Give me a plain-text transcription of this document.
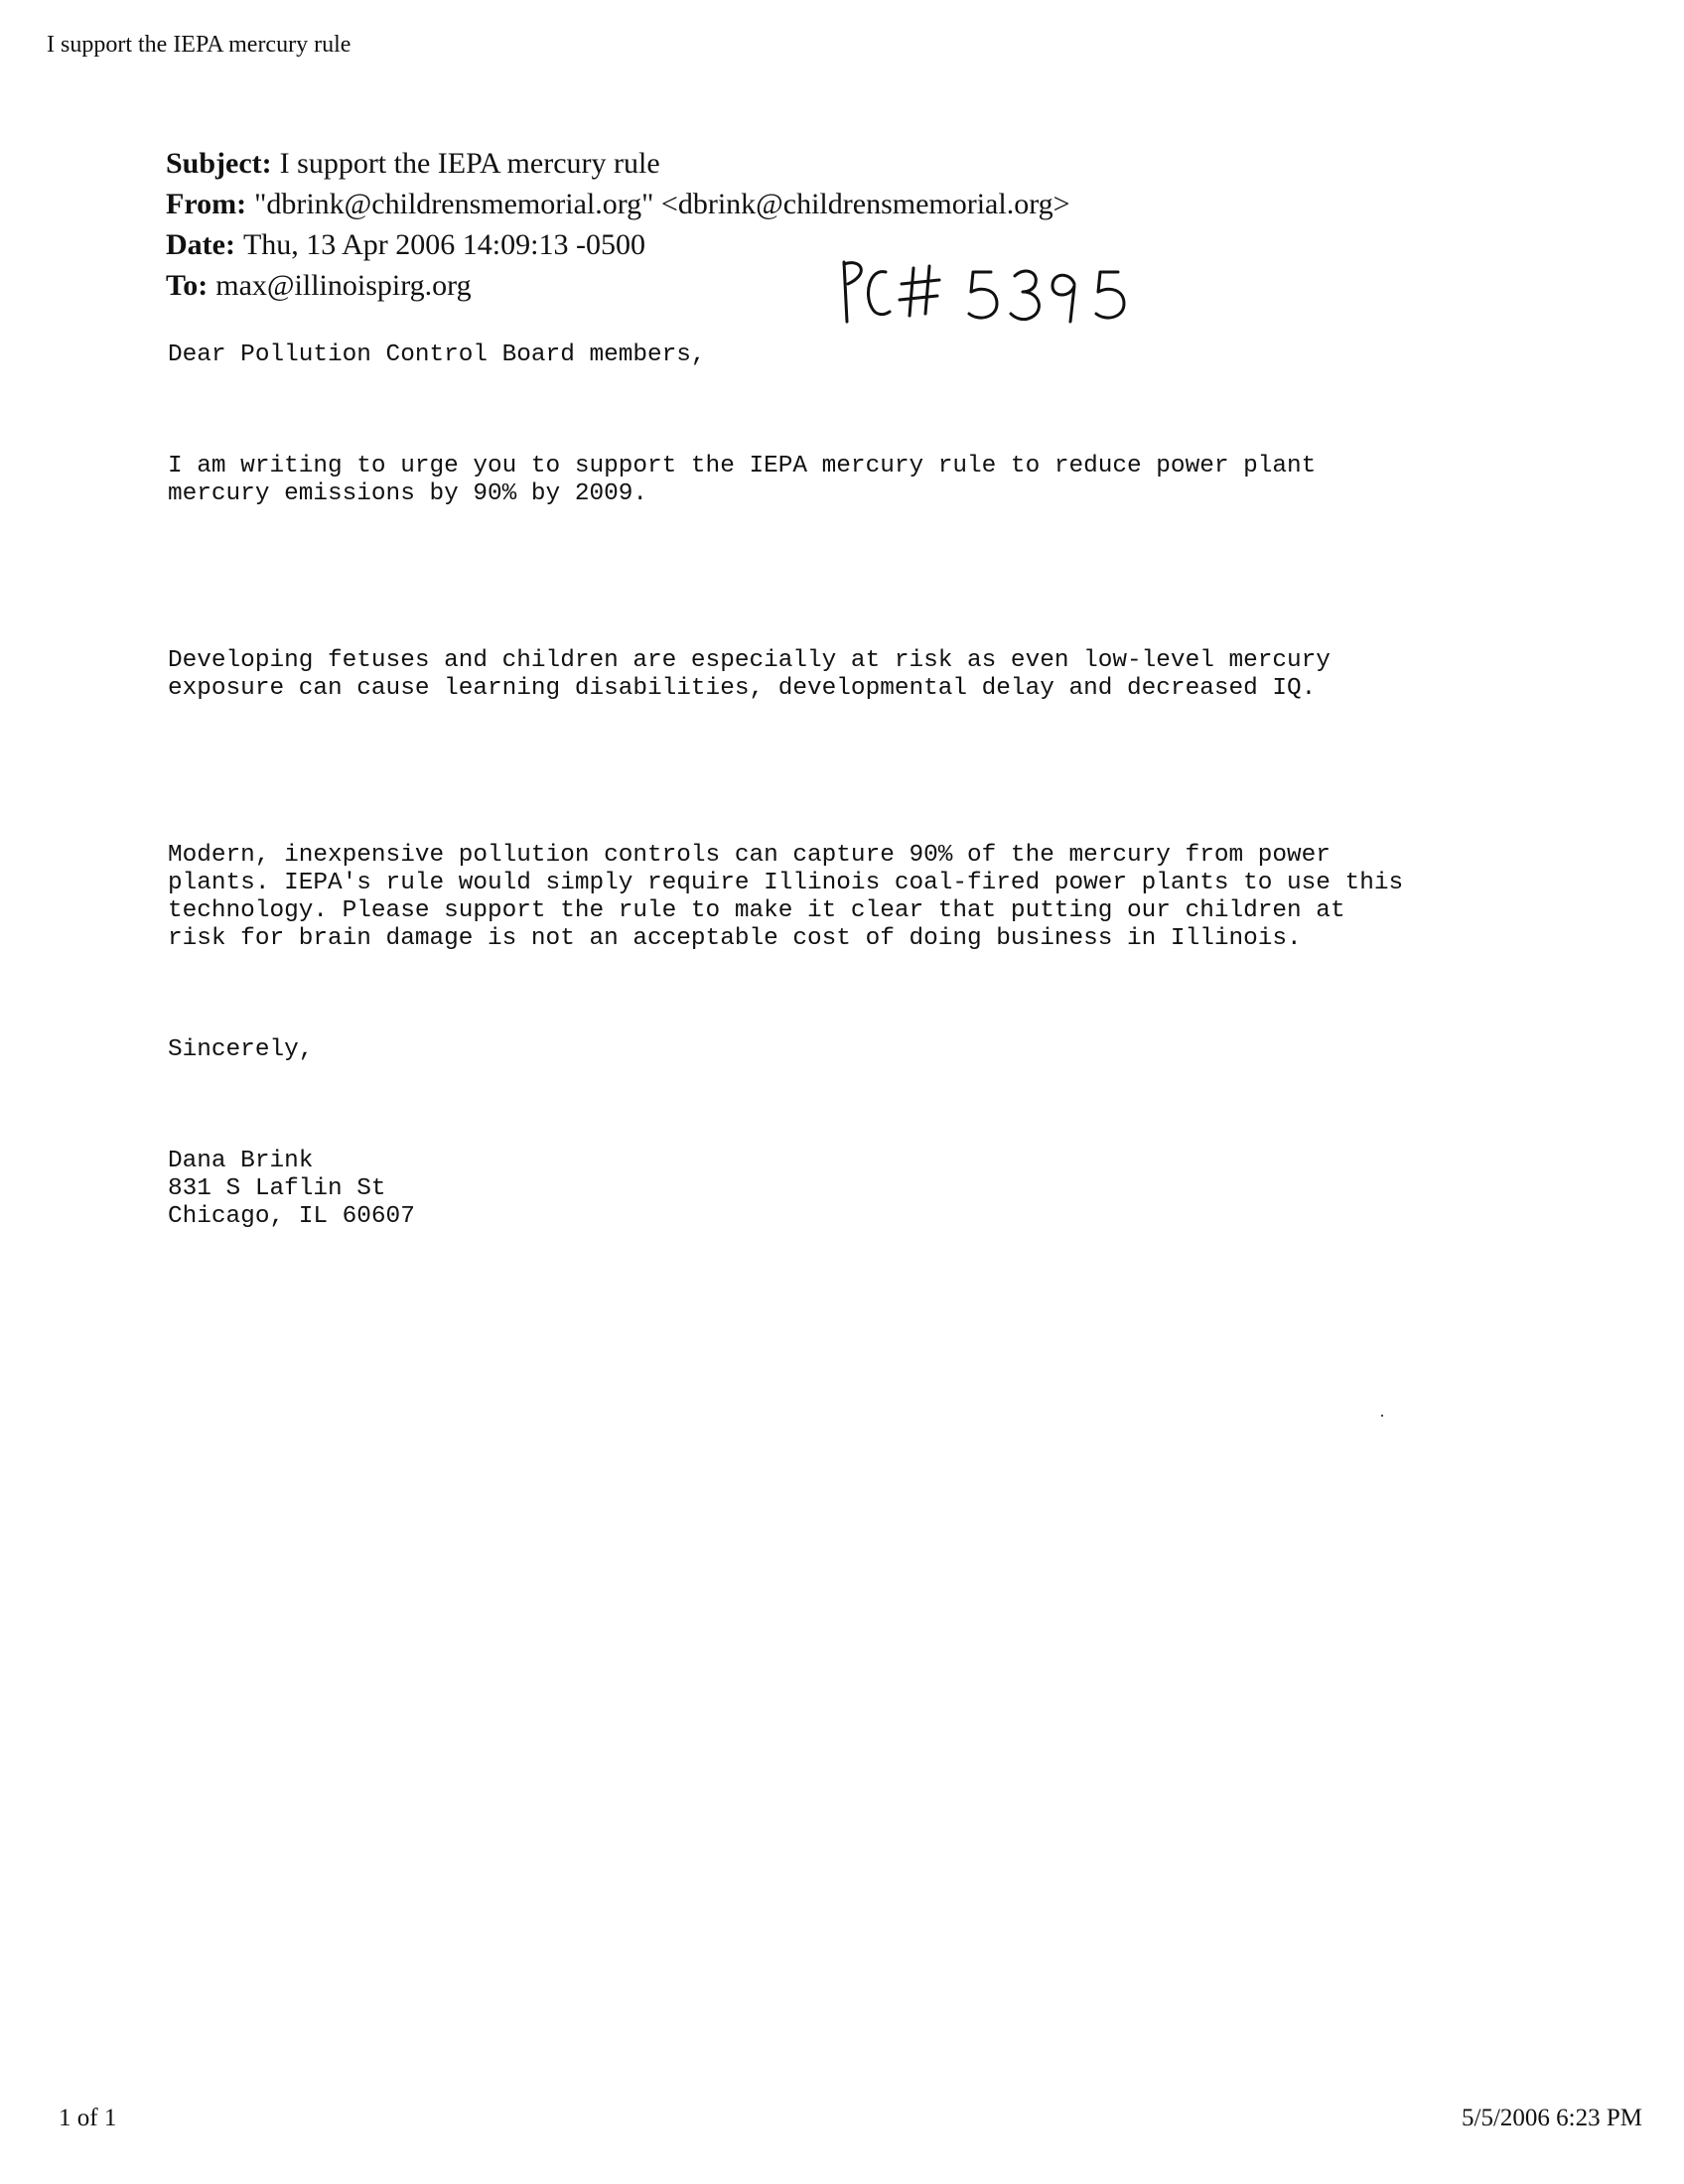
I support the IEPA mercury rule
Subject: I support the IEPA mercury rule
From: "dbrink@childrensmemorial.org" <dbrink@childrensmemorial.org>
Date: Thu, 13 Apr 2006 14:09:13 -0500
To: max@illinoispirg.org

Dear Pollution Control Board members,

I am writing to urge you to support the IEPA mercury rule to reduce power plant
mercury emissions by 90% by 2009.

Developing fetuses and children are especially at risk as even low-level mercury
exposure can cause learning disabilities, developmental delay and decreased IQ.

Modern, inexpensive pollution controls can capture 90% of the mercury from power
plants. IEPA's rule would simply require Illinois coal-fired power plants to use this
technology. Please support the rule to make it clear that putting our children at
risk for brain damage is not an acceptable cost of doing business in Illinois.

Sincerely,

Dana Brink
831 S Laflin St
Chicago, IL 60607

1 of 1	5/5/2006 6:23 PM
